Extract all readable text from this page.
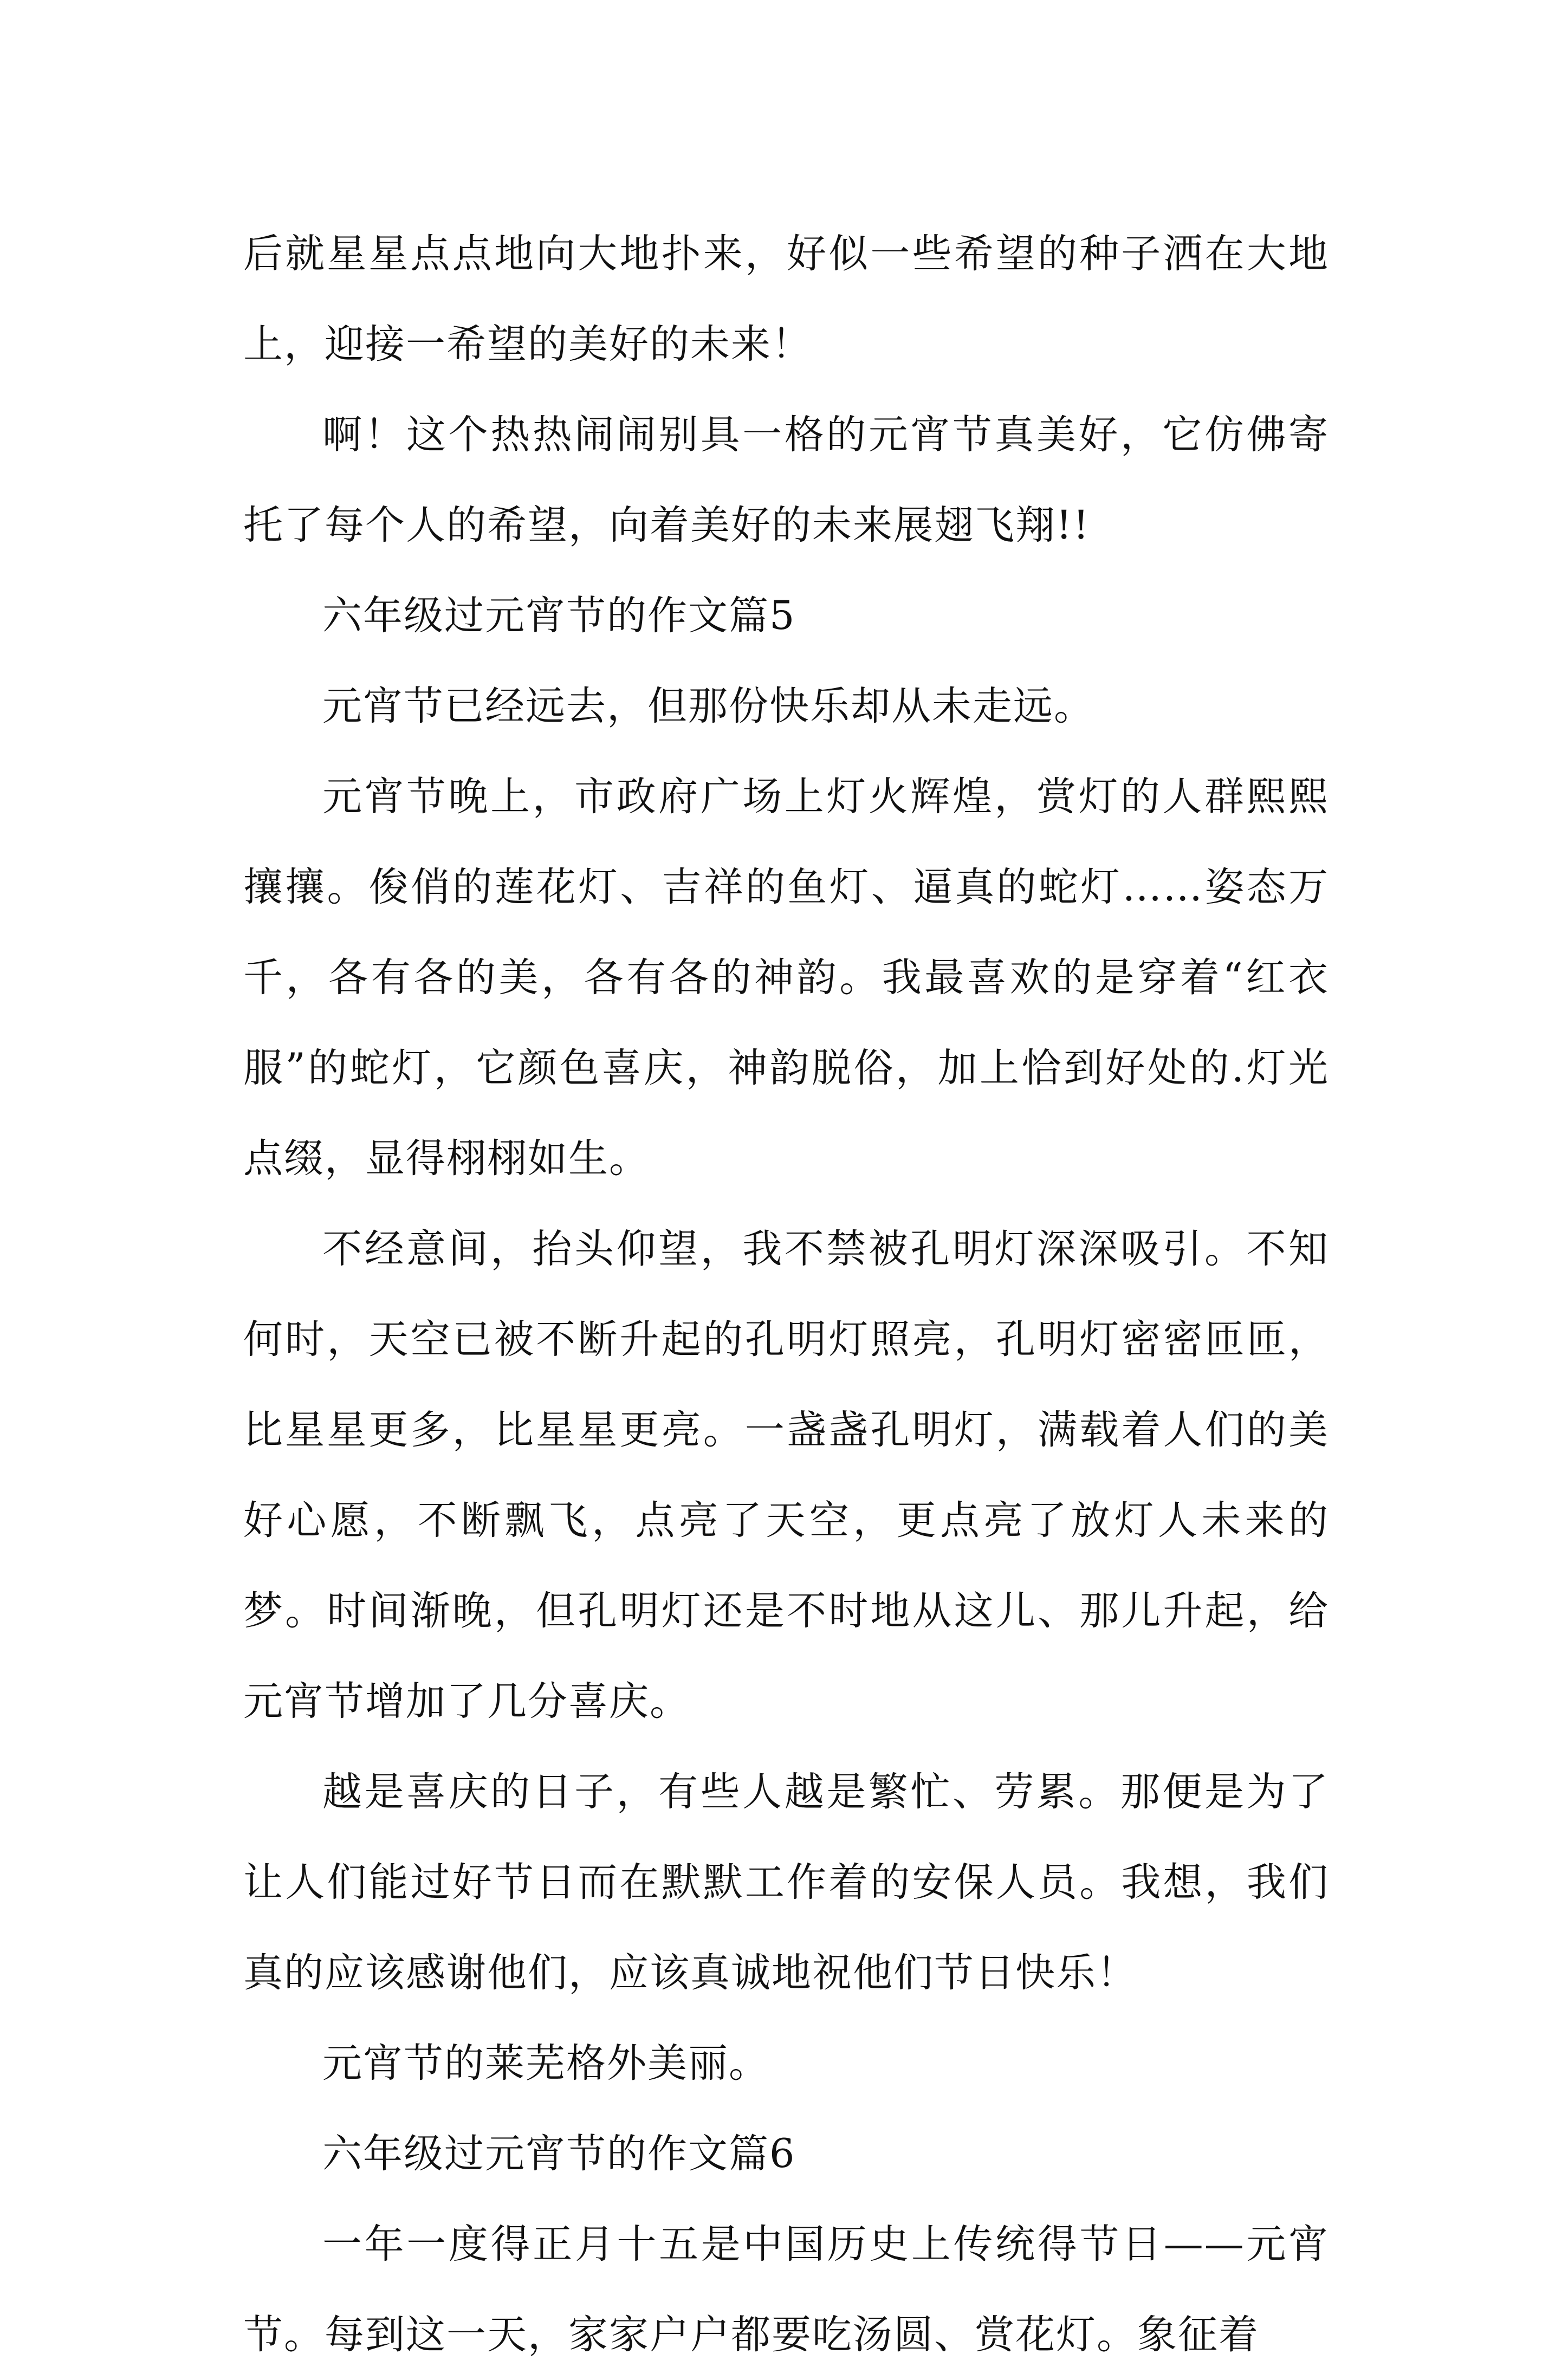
后就星星点点地向大地扑来，好似一些希望的种子洒在大地上，迎接一希望的美好的未来！

啊！这个热热闹闹别具一格的元宵节真美好，它仿佛寄托了每个人的希望，向着美好的未来展翅飞翔!!

六年级过元宵节的作文篇5

元宵节已经远去，但那份快乐却从未走远。

元宵节晚上，市政府广场上灯火辉煌，赏灯的人群熙熙攘攘。俊俏的莲花灯、吉祥的鱼灯、逼真的蛇灯……姿态万千，各有各的美，各有各的神韵。我最喜欢的是穿着“红衣服”的蛇灯，它颜色喜庆，神韵脱俗，加上恰到好处的.灯光点缀，显得栩栩如生。

不经意间，抬头仰望，我不禁被孔明灯深深吸引。不知何时，天空已被不断升起的孔明灯照亮，孔明灯密密匝匝，比星星更多，比星星更亮。一盏盏孔明灯，满载着人们的美好心愿，不断飘飞，点亮了天空，更点亮了放灯人未来的梦。时间渐晚，但孔明灯还是不时地从这儿、那儿升起，给元宵节增加了几分喜庆。

越是喜庆的日子，有些人越是繁忙、劳累。那便是为了让人们能过好节日而在默默工作着的安保人员。我想，我们真的应该感谢他们，应该真诚地祝他们节日快乐！

元宵节的莱芜格外美丽。

六年级过元宵节的作文篇6

一年一度得正月十五是中国历史上传统得节日——元宵节。每到这一天，家家户户都要吃汤圆、赏花灯。象征着
